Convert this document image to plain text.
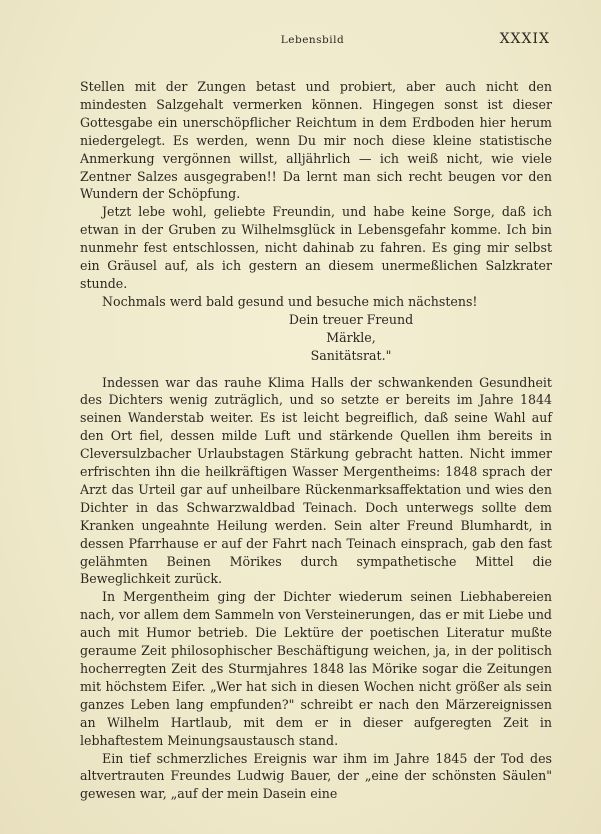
Lebensbild	XXXIX

Stellen mit der Zungen betast und probiert, aber auch nicht den mindesten Salzgehalt vermerken können. Hingegen sonst ist dieser Gottesgabe ein unerschöpflicher Reichtum in dem Erdboden hier herum niedergelegt. Es werden, wenn Du mir noch diese kleine statistische Anmerkung vergönnen willst, alljährlich — ich weiß nicht, wie viele Zentner Salzes ausgegraben!! Da lernt man sich recht beugen vor den Wundern der Schöpfung.

Jetzt lebe wohl, geliebte Freundin, und habe keine Sorge, daß ich etwan in der Gruben zu Wilhelmsglück in Lebensgefahr komme. Ich bin nunmehr fest entschlossen, nicht dahinab zu fahren. Es ging mir selbst ein Gräusel auf, als ich gestern an diesem unermeßlichen Salzkrater stunde.

Nochmals werd bald gesund und besuche mich nächstens!

Dein treuer Freund

Märkle,

Sanitätsrat."

Indessen war das rauhe Klima Halls der schwankenden Gesundheit des Dichters wenig zuträglich, und so setzte er bereits im Jahre 1844 seinen Wanderstab weiter. Es ist leicht begreiflich, daß seine Wahl auf den Ort fiel, dessen milde Luft und stärkende Quellen ihm bereits in Cleversulzbacher Urlaubstagen Stärkung gebracht hatten. Nicht immer erfrischten ihn die heilkräftigen Wasser Mergentheims: 1848 sprach der Arzt das Urteil gar auf unheilbare Rückenmarksaffektation und wies den Dichter in das Schwarzwaldbad Teinach. Doch unterwegs sollte dem Kranken ungeahnte Heilung werden. Sein alter Freund Blumhardt, in dessen Pfarrhause er auf der Fahrt nach Teinach einsprach, gab den fast gelähmten Beinen Mörikes durch sympathetische Mittel die Beweglichkeit zurück.

In Mergentheim ging der Dichter wiederum seinen Liebhabereien nach, vor allem dem Sammeln von Versteinerungen, das er mit Liebe und auch mit Humor betrieb. Die Lektüre der poetischen Literatur mußte geraume Zeit philosophischer Beschäftigung weichen, ja, in der politisch hocherregten Zeit des Sturmjahres 1848 las Mörike sogar die Zeitungen mit höchstem Eifer. „Wer hat sich in diesen Wochen nicht größer als sein ganzes Leben lang empfunden?" schreibt er nach den Märzereignissen an Wilhelm Hartlaub, mit dem er in dieser aufgeregten Zeit in lebhaftestem Meinungsaustausch stand.

Ein tief schmerzliches Ereignis war ihm im Jahre 1845 der Tod des altvertrauten Freundes Ludwig Bauer, der „eine der schönsten Säulen" gewesen war, „auf der mein Dasein eine
